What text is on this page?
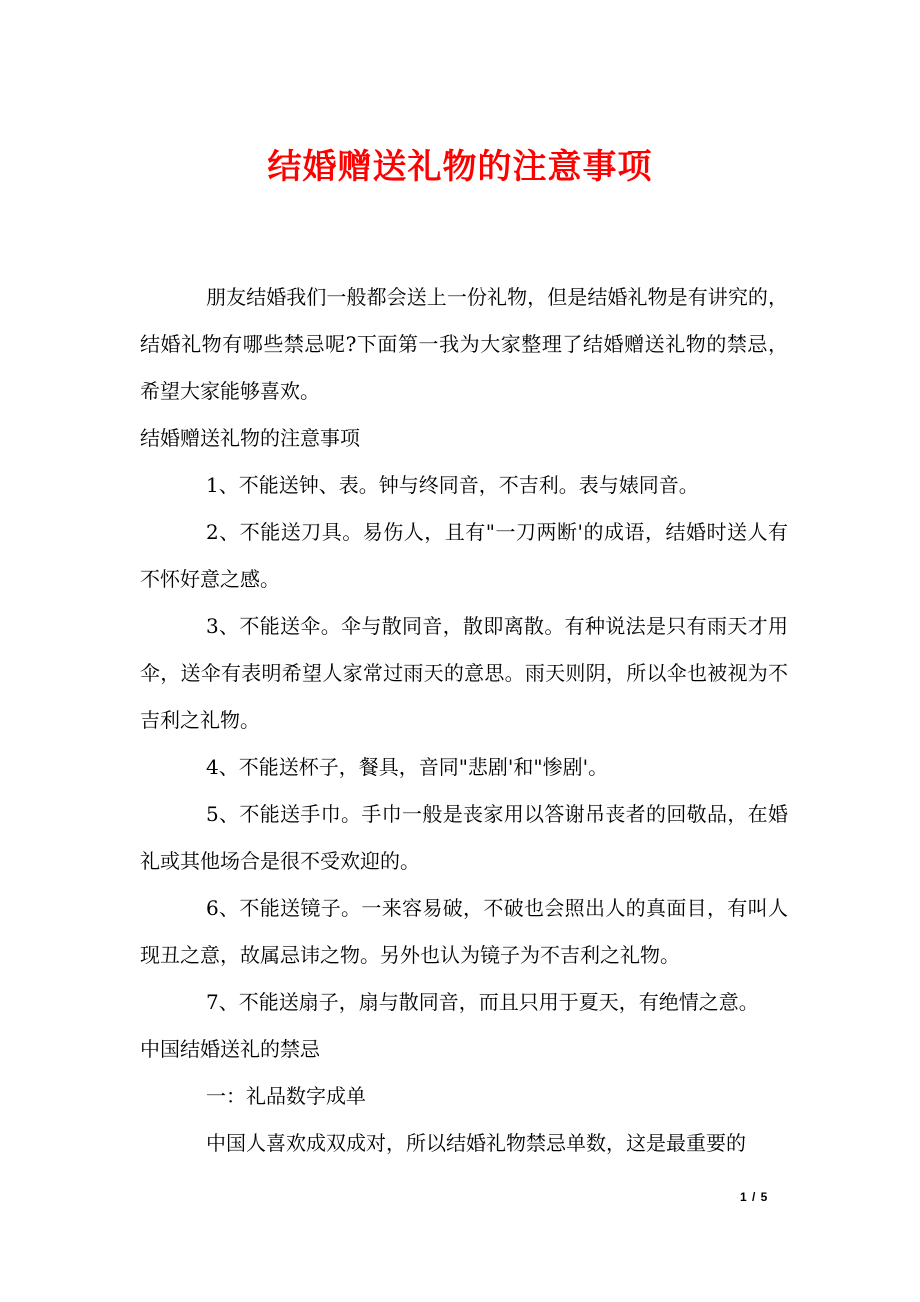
结婚赠送礼物的注意事项

朋友结婚我们一般都会送上一份礼物，但是结婚礼物是有讲究的，结婚礼物有哪些禁忌呢?下面第一我为大家整理了结婚赠送礼物的禁忌，希望大家能够喜欢。

结婚赠送礼物的注意事项

1、不能送钟、表。钟与终同音，不吉利。表与婊同音。

2、不能送刀具。易伤人，且有"一刀两断'的成语，结婚时送人有不怀好意之感。

3、不能送伞。伞与散同音，散即离散。有种说法是只有雨天才用伞，送伞有表明希望人家常过雨天的意思。雨天则阴，所以伞也被视为不吉利之礼物。

4、不能送杯子，餐具，音同"悲剧'和"惨剧'。

5、不能送手巾。手巾一般是丧家用以答谢吊丧者的回敬品，在婚礼或其他场合是很不受欢迎的。

6、不能送镜子。一来容易破，不破也会照出人的真面目，有叫人现丑之意，故属忌讳之物。另外也认为镜子为不吉利之礼物。

7、不能送扇子，扇与散同音，而且只用于夏天，有绝情之意。

中国结婚送礼的禁忌

一：礼品数字成单

中国人喜欢成双成对，所以结婚礼物禁忌单数，这是最重要的

1 / 5
